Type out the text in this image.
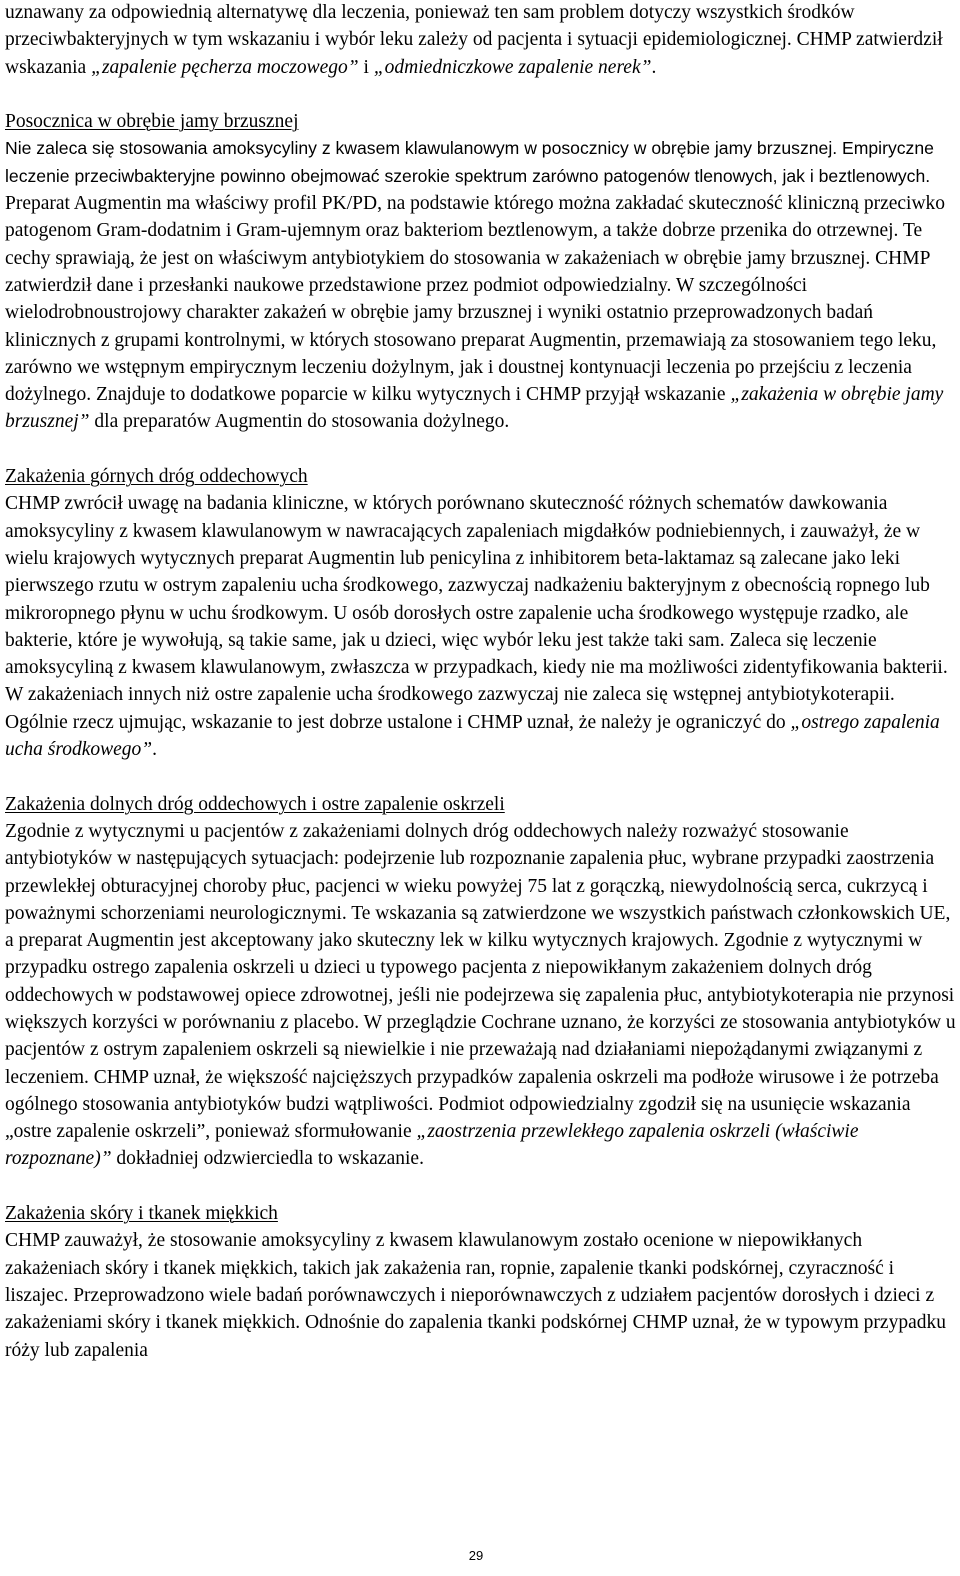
uznawany za odpowiednią alternatywę dla leczenia, ponieważ ten sam problem dotyczy wszystkich środków przeciwbakteryjnych w tym wskazaniu i wybór leku zależy od pacjenta i sytuacji epidemiologicznej. CHMP zatwierdził wskazania „zapalenie pęcherza moczowego” i „odmiedniczkowe zapalenie nerek”.

Posocznica w obrębie jamy brzusznej

Nie zaleca się stosowania amoksycyliny z kwasem klawulanowym w posocznicy w obrębie jamy brzusznej. Empiryczne leczenie przeciwbakteryjne powinno obejmować szerokie spektrum zarówno patogenów tlenowych, jak i beztlenowych. Preparat Augmentin ma właściwy profil PK/PD, na podstawie którego można zakładać skuteczność kliniczną przeciwko patogenom Gram-dodatnim i Gram-ujemnym oraz bakteriom beztlenowym, a także dobrze przenika do otrzewnej. Te cechy sprawiają, że jest on właściwym antybiotykiem do stosowania w zakażeniach w obrębie jamy brzusznej. CHMP zatwierdził dane i przesłanki naukowe przedstawione przez podmiot odpowiedzialny. W szczególności wielodrobnoustrojowy charakter zakażeń w obrębie jamy brzusznej i wyniki ostatnio przeprowadzonych badań klinicznych z grupami kontrolnymi, w których stosowano preparat Augmentin, przemawiają za stosowaniem tego leku, zarówno we wstępnym empirycznym leczeniu dożylnym, jak i doustnej kontynuacji leczenia po przejściu z leczenia dożylnego. Znajduje to dodatkowe poparcie w kilku wytycznych i CHMP przyjął wskazanie „zakażenia w obrębie jamy brzusznej” dla preparatów Augmentin do stosowania dożylnego.

Zakażenia górnych dróg oddechowych

CHMP zwrócił uwagę na badania kliniczne, w których porównano skuteczność różnych schematów dawkowania amoksycyliny z kwasem klawulanowym w nawracających zapaleniach migdałków podniebiennych, i zauważył, że w wielu krajowych wytycznych preparat Augmentin lub penicylina z inhibitorem beta-laktamaz są zalecane jako leki pierwszego rzutu w ostrym zapaleniu ucha środkowego, zazwyczaj nadkażeniu bakteryjnym z obecnością ropnego lub mikroropnego płynu w uchu środkowym. U osób dorosłych ostre zapalenie ucha środkowego występuje rzadko, ale bakterie, które je wywołują, są takie same, jak u dzieci, więc wybór leku jest także taki sam. Zaleca się leczenie amoksycyliną z kwasem klawulanowym, zwłaszcza w przypadkach, kiedy nie ma możliwości zidentyfikowania bakterii. W zakażeniach innych niż ostre zapalenie ucha środkowego zazwyczaj nie zaleca się wstępnej antybiotykoterapii. Ogólnie rzecz ujmując, wskazanie to jest dobrze ustalone i CHMP uznał, że należy je ograniczyć do „ostrego zapalenia ucha środkowego”.

Zakażenia dolnych dróg oddechowych i ostre zapalenie oskrzeli

Zgodnie z wytycznymi u pacjentów z zakażeniami dolnych dróg oddechowych należy rozważyć stosowanie antybiotyków w następujących sytuacjach: podejrzenie lub rozpoznanie zapalenia płuc, wybrane przypadki zaostrzenia przewlekłej obturacyjnej choroby płuc, pacjenci w wieku powyżej 75 lat z gorączką, niewydolnością serca, cukrzycą i poważnymi schorzeniami neurologicznymi. Te wskazania są zatwierdzone we wszystkich państwach członkowskich UE, a preparat Augmentin jest akceptowany jako skuteczny lek w kilku wytycznych krajowych. Zgodnie z wytycznymi w przypadku ostrego zapalenia oskrzeli u dzieci u typowego pacjenta z niepowikłanym zakażeniem dolnych dróg oddechowych w podstawowej opiece zdrowotnej, jeśli nie podejrzewa się zapalenia płuc, antybiotykoterapia nie przynosi większych korzyści w porównaniu z placebo. W przeglądzie Cochrane uznano, że korzyści ze stosowania antybiotyków u pacjentów z ostrym zapaleniem oskrzeli są niewielkie i nie przeważają nad działaniami niepożądanymi związanymi z leczeniem. CHMP uznał, że większość najcięższych przypadków zapalenia oskrzeli ma podłoże wirusowe i że potrzeba ogólnego stosowania antybiotyków budzi wątpliwości. Podmiot odpowiedzialny zgodził się na usunięcie wskazania „ostre zapalenie oskrzeli”, ponieważ sformułowanie „zaostrzenia przewlekłego zapalenia oskrzeli (właściwie rozpoznane)” dokładniej odzwierciedla to wskazanie.

Zakażenia skóry i tkanek miękkich

CHMP zauważył, że stosowanie amoksycyliny z kwasem klawulanowym zostało ocenione w niepowikłanych zakażeniach skóry i tkanek miękkich, takich jak zakażenia ran, ropnie, zapalenie tkanki podskórnej, czyraczność i liszajec. Przeprowadzono wiele badań porównawczych i nieporównawczych z udziałem pacjentów dorosłych i dzieci z zakażeniami skóry i tkanek miękkich. Odnośnie do zapalenia tkanki podskórnej CHMP uznał, że w typowym przypadku róży lub zapalenia

29
